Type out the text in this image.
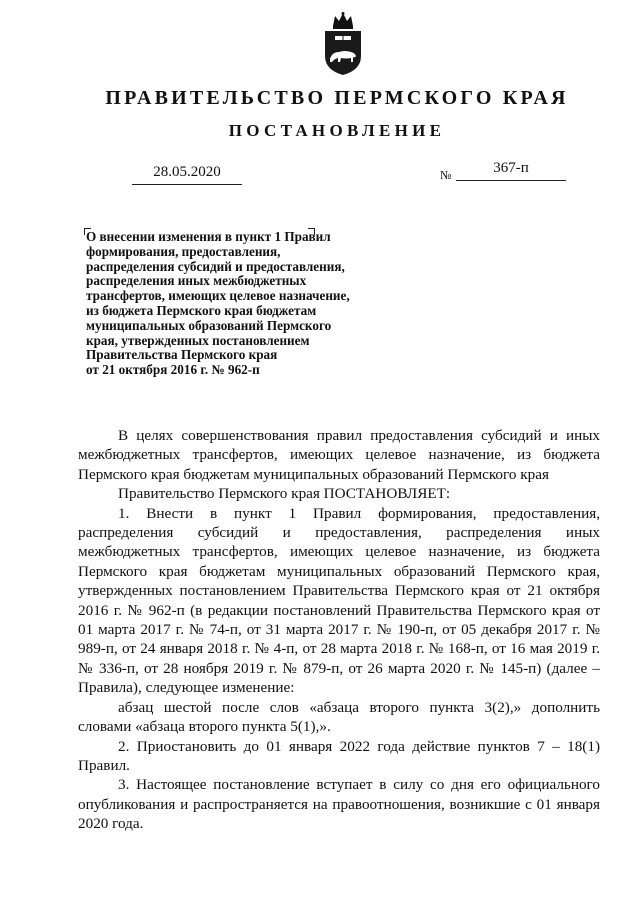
ПРАВИТЕЛЬСТВО ПЕРМСКОГО КРАЯ
ПОСТАНОВЛЕНИЕ
28.05.2020	№	367-п
О внесении изменения в пункт 1 Правил
формирования, предоставления,
распределения субсидий и предоставления,
распределения иных межбюджетных
трансфертов, имеющих целевое назначение,
из бюджета Пермского края бюджетам
муниципальных образований Пермского
края, утвержденных постановлением
Правительства Пермского края
от 21 октября 2016 г. № 962-п

В целях совершенствования правил предоставления субсидий и иных межбюджетных трансфертов, имеющих целевое назначение, из бюджета Пермского края бюджетам муниципальных образований Пермского края

Правительство Пермского края ПОСТАНОВЛЯЕТ:

1. Внести в пункт 1 Правил формирования, предоставления, распределения субсидий и предоставления, распределения иных межбюджетных трансфертов, имеющих целевое назначение, из бюджета Пермского края бюджетам муниципальных образований Пермского края, утвержденных постановлением Правительства Пермского края от 21 октября 2016 г. № 962-п (в редакции постановлений Правительства Пермского края от 01 марта 2017 г. № 74-п, от 31 марта 2017 г. № 190-п, от 05 декабря 2017 г. № 989-п, от 24 января 2018 г. № 4-п, от 28 марта 2018 г. № 168-п, от 16 мая 2019 г. № 336-п, от 28 ноября 2019 г. № 879-п, от 26 марта 2020 г. № 145-п) (далее – Правила), следующее изменение:

абзац шестой после слов «абзаца второго пункта 3(2),» дополнить словами «абзаца второго пункта 5(1),».

2. Приостановить до 01 января 2022 года действие пунктов 7 – 18(1) Правил.

3. Настоящее постановление вступает в силу со дня его официального опубликования и распространяется на правоотношения, возникшие с 01 января 2020 года.
